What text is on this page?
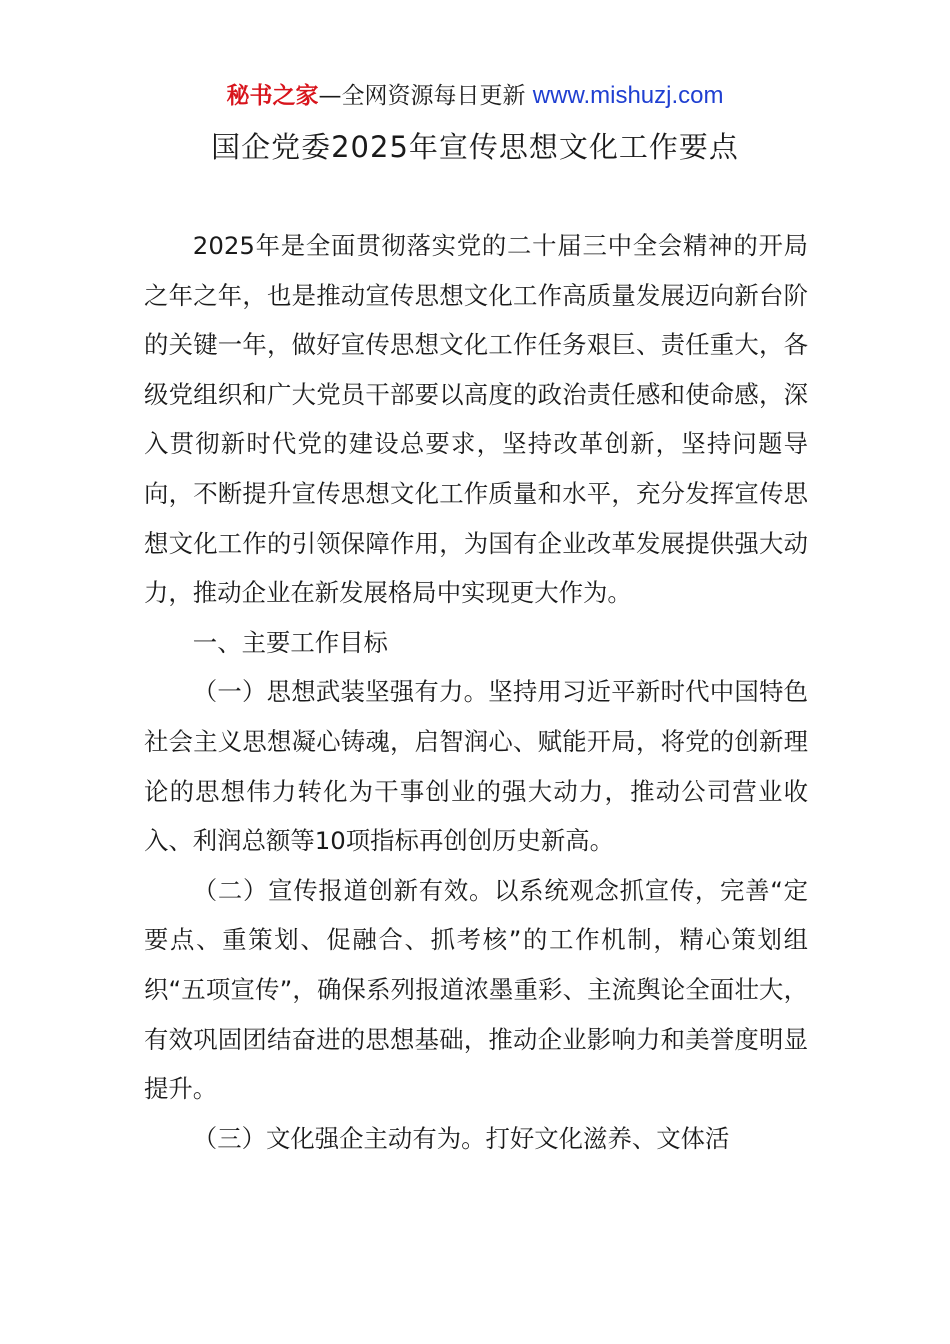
秘书之家—全网资源每日更新 www.mishuzj.com
国企党委2025年宣传思想文化工作要点

2025年是全面贯彻落实党的二十届三中全会精神的开局之年之年，也是推动宣传思想文化工作高质量发展迈向新台阶的关键一年，做好宣传思想文化工作任务艰巨、责任重大，各级党组织和广大党员干部要以高度的政治责任感和使命感，深入贯彻新时代党的建设总要求，坚持改革创新，坚持问题导向，不断提升宣传思想文化工作质量和水平，充分发挥宣传思想文化工作的引领保障作用，为国有企业改革发展提供强大动力，推动企业在新发展格局中实现更大作为。

一、主要工作目标

（一）思想武装坚强有力。坚持用习近平新时代中国特色社会主义思想凝心铸魂，启智润心、赋能开局，将党的创新理论的思想伟力转化为干事创业的强大动力，推动公司营业收入、利润总额等10项指标再创创历史新高。

（二）宣传报道创新有效。以系统观念抓宣传，完善“定要点、重策划、促融合、抓考核”的工作机制，精心策划组织“五项宣传”，确保系列报道浓墨重彩、主流舆论全面壮大，有效巩固团结奋进的思想基础，推动企业影响力和美誉度明显提升。

（三）文化强企主动有为。打好文化滋养、文体活
